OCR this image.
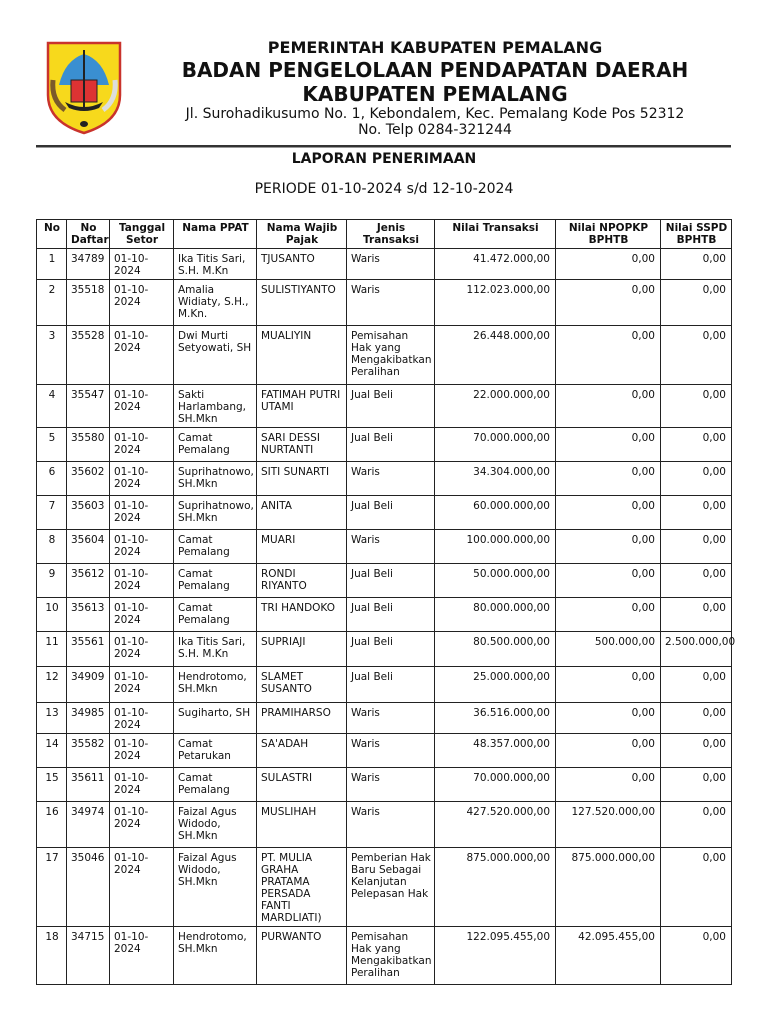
PEMERINTAH KABUPATEN PEMALANG
BADAN PENGELOLAAN PENDAPATAN DAERAH
KABUPATEN PEMALANG
Jl. Surohadikusumo No. 1, Kebondalem, Kec. Pemalang Kode Pos 52312
No. Telp 0284-321244
LAPORAN PENERIMAAN
PERIODE 01-10-2024 s/d 12-10-2024
No	No Daftar	Tanggal Setor	Nama PPAT	Nama Wajib Pajak	Jenis Transaksi	Nilai Transaksi	Nilai NPOPKP BPHTB	Nilai SSPD BPHTB
1	34789	01-10-2024	Ika Titis Sari, S.H. M.Kn	TJUSANTO	Waris	41.472.000,00	0,00	0,00
2	35518	01-10-2024	Amalia Widiaty, S.H., M.Kn.	SULISTIYANTO	Waris	112.023.000,00	0,00	0,00
3	35528	01-10-2024	Dwi Murti Setyowati, SH	MUALIYIN	Pemisahan Hak yang Mengakibatkan Peralihan	26.448.000,00	0,00	0,00
4	35547	01-10-2024	Sakti Harlambang, SH.Mkn	FATIMAH PUTRI UTAMI	Jual Beli	22.000.000,00	0,00	0,00
5	35580	01-10-2024	Camat Pemalang	SARI DESSI NURTANTI	Jual Beli	70.000.000,00	0,00	0,00
6	35602	01-10-2024	Suprihatnowo, SH.Mkn	SITI SUNARTI	Waris	34.304.000,00	0,00	0,00
7	35603	01-10-2024	Suprihatnowo, SH.Mkn	ANITA	Jual Beli	60.000.000,00	0,00	0,00
8	35604	01-10-2024	Camat Pemalang	MUARI	Waris	100.000.000,00	0,00	0,00
9	35612	01-10-2024	Camat Pemalang	RONDI RIYANTO	Jual Beli	50.000.000,00	0,00	0,00
10	35613	01-10-2024	Camat Pemalang	TRI HANDOKO	Jual Beli	80.000.000,00	0,00	0,00
11	35561	01-10-2024	Ika Titis Sari, S.H. M.Kn	SUPRIAJI	Jual Beli	80.500.000,00	500.000,00	2.500.000,00
12	34909	01-10-2024	Hendrotomo, SH.Mkn	SLAMET SUSANTO	Jual Beli	25.000.000,00	0,00	0,00
13	34985	01-10-2024	Sugiharto, SH	PRAMIHARSO	Waris	36.516.000,00	0,00	0,00
14	35582	01-10-2024	Camat Petarukan	SA'ADAH	Waris	48.357.000,00	0,00	0,00
15	35611	01-10-2024	Camat Pemalang	SULASTRI	Waris	70.000.000,00	0,00	0,00
16	34974	01-10-2024	Faizal Agus Widodo, SH.Mkn	MUSLIHAH	Waris	427.520.000,00	127.520.000,00	0,00
17	35046	01-10-2024	Faizal Agus Widodo, SH.Mkn	PT. MULIA GRAHA PRATAMA PERSADA FANTI MARDLIATI)	Pemberian Hak Baru Sebagai Kelanjutan Pelepasan Hak	875.000.000,00	875.000.000,00	0,00
18	34715	01-10-2024	Hendrotomo, SH.Mkn	PURWANTO	Pemisahan Hak yang Mengakibatkan Peralihan	122.095.455,00	42.095.455,00	0,00
